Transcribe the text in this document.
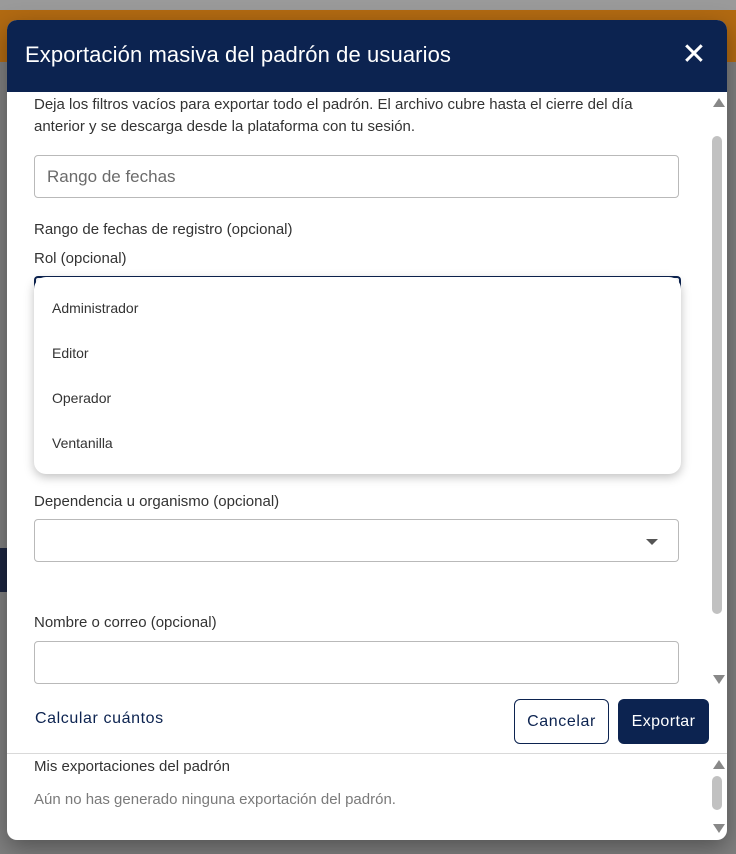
Exportación masiva del padrón de usuarios	✕
Deja los filtros vacíos para exportar todo el padrón. El archivo cubre hasta el cierre del día anterior y se descarga desde la plataforma con tu sesión.
Rango de fechas
Rango de fechas de registro (opcional)
Rol (opcional)
Administrador
Editor
Operador
Ventanilla
Dependencia u organismo (opcional)
Nombre o correo (opcional)
Calcular cuántos	Cancelar	Exportar
Mis exportaciones del padrón
Aún no has generado ninguna exportación del padrón.
